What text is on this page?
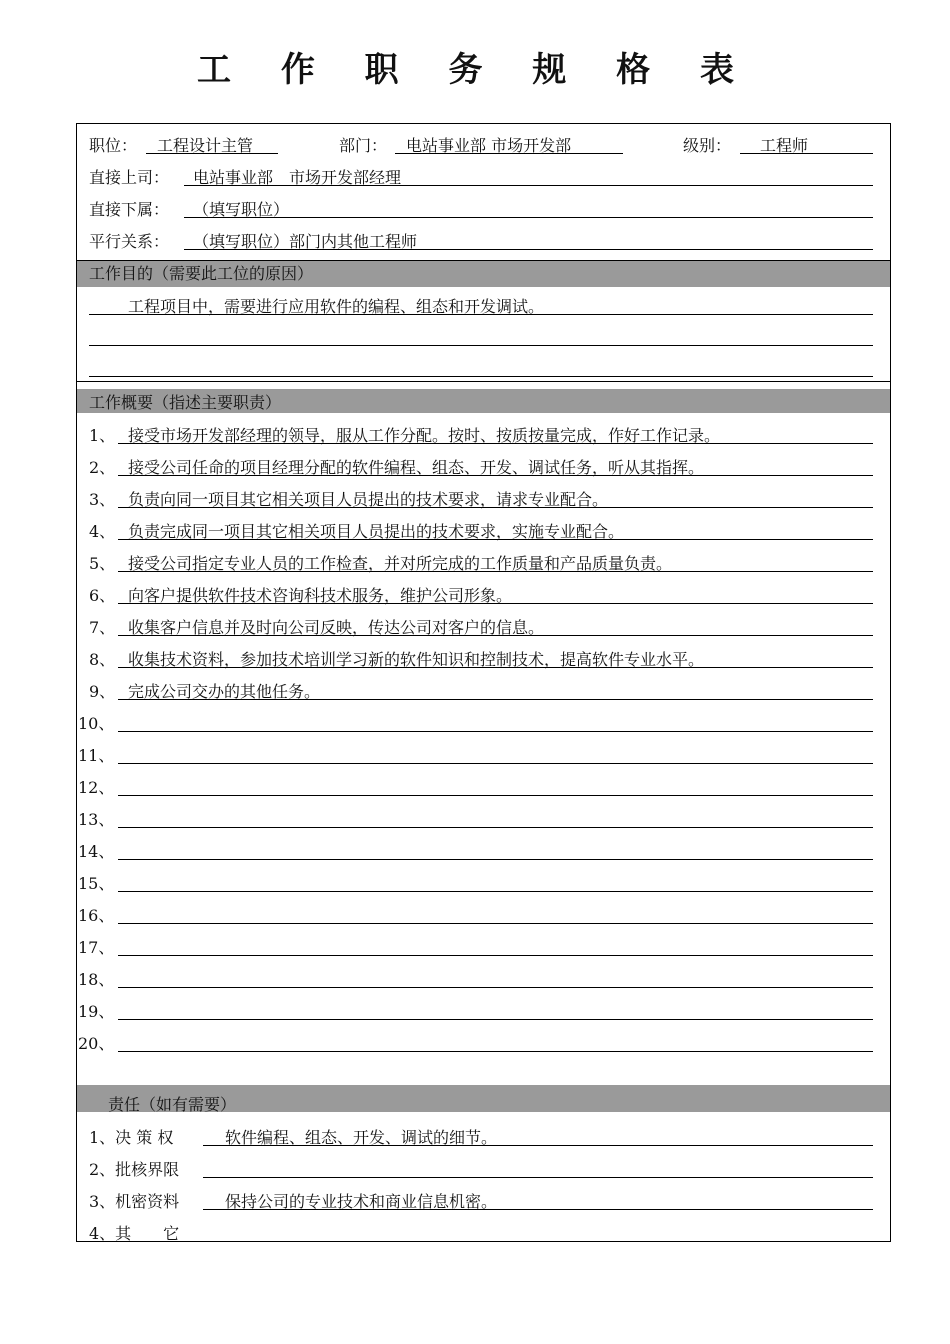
工 作 职 务 规 格 表
职位： 工程设计主管	部门： 电站事业部 市场开发部	级别： 工程师
直接上司： 电站事业部　市场开发部经理
直接下属： （填写职位）
平行关系： （填写职位）部门内其他工程师
工作目的（需要此工位的原因）
工程项目中，需要进行应用软件的编程、组态和开发调试。
工作概要（指述主要职责）
1、 接受市场开发部经理的领导，服从工作分配。按时、按质按量完成，作好工作记录。
2、 接受公司任命的项目经理分配的软件编程、组态、开发、调试任务，听从其指挥。
3、 负责向同一项目其它相关项目人员提出的技术要求，请求专业配合。
4、 负责完成同一项目其它相关项目人员提出的技术要求，实施专业配合。
5、 接受公司指定专业人员的工作检查，并对所完成的工作质量和产品质量负责。
6、 向客户提供软件技术咨询科技术服务，维护公司形象。
7、 收集客户信息并及时向公司反映，传达公司对客户的信息。
8、 收集技术资料，参加技术培训学习新的软件知识和控制技术，提高软件专业水平。
9、 完成公司交办的其他任务。
10、
11、
12、
13、
14、
15、
16、
17、
18、
19、
20、
责任（如有需要）
1、决 策 权	软件编程、组态、开发、调试的细节。
2、批核界限
3、机密资料	保持公司的专业技术和商业信息机密。
4、其　　它
